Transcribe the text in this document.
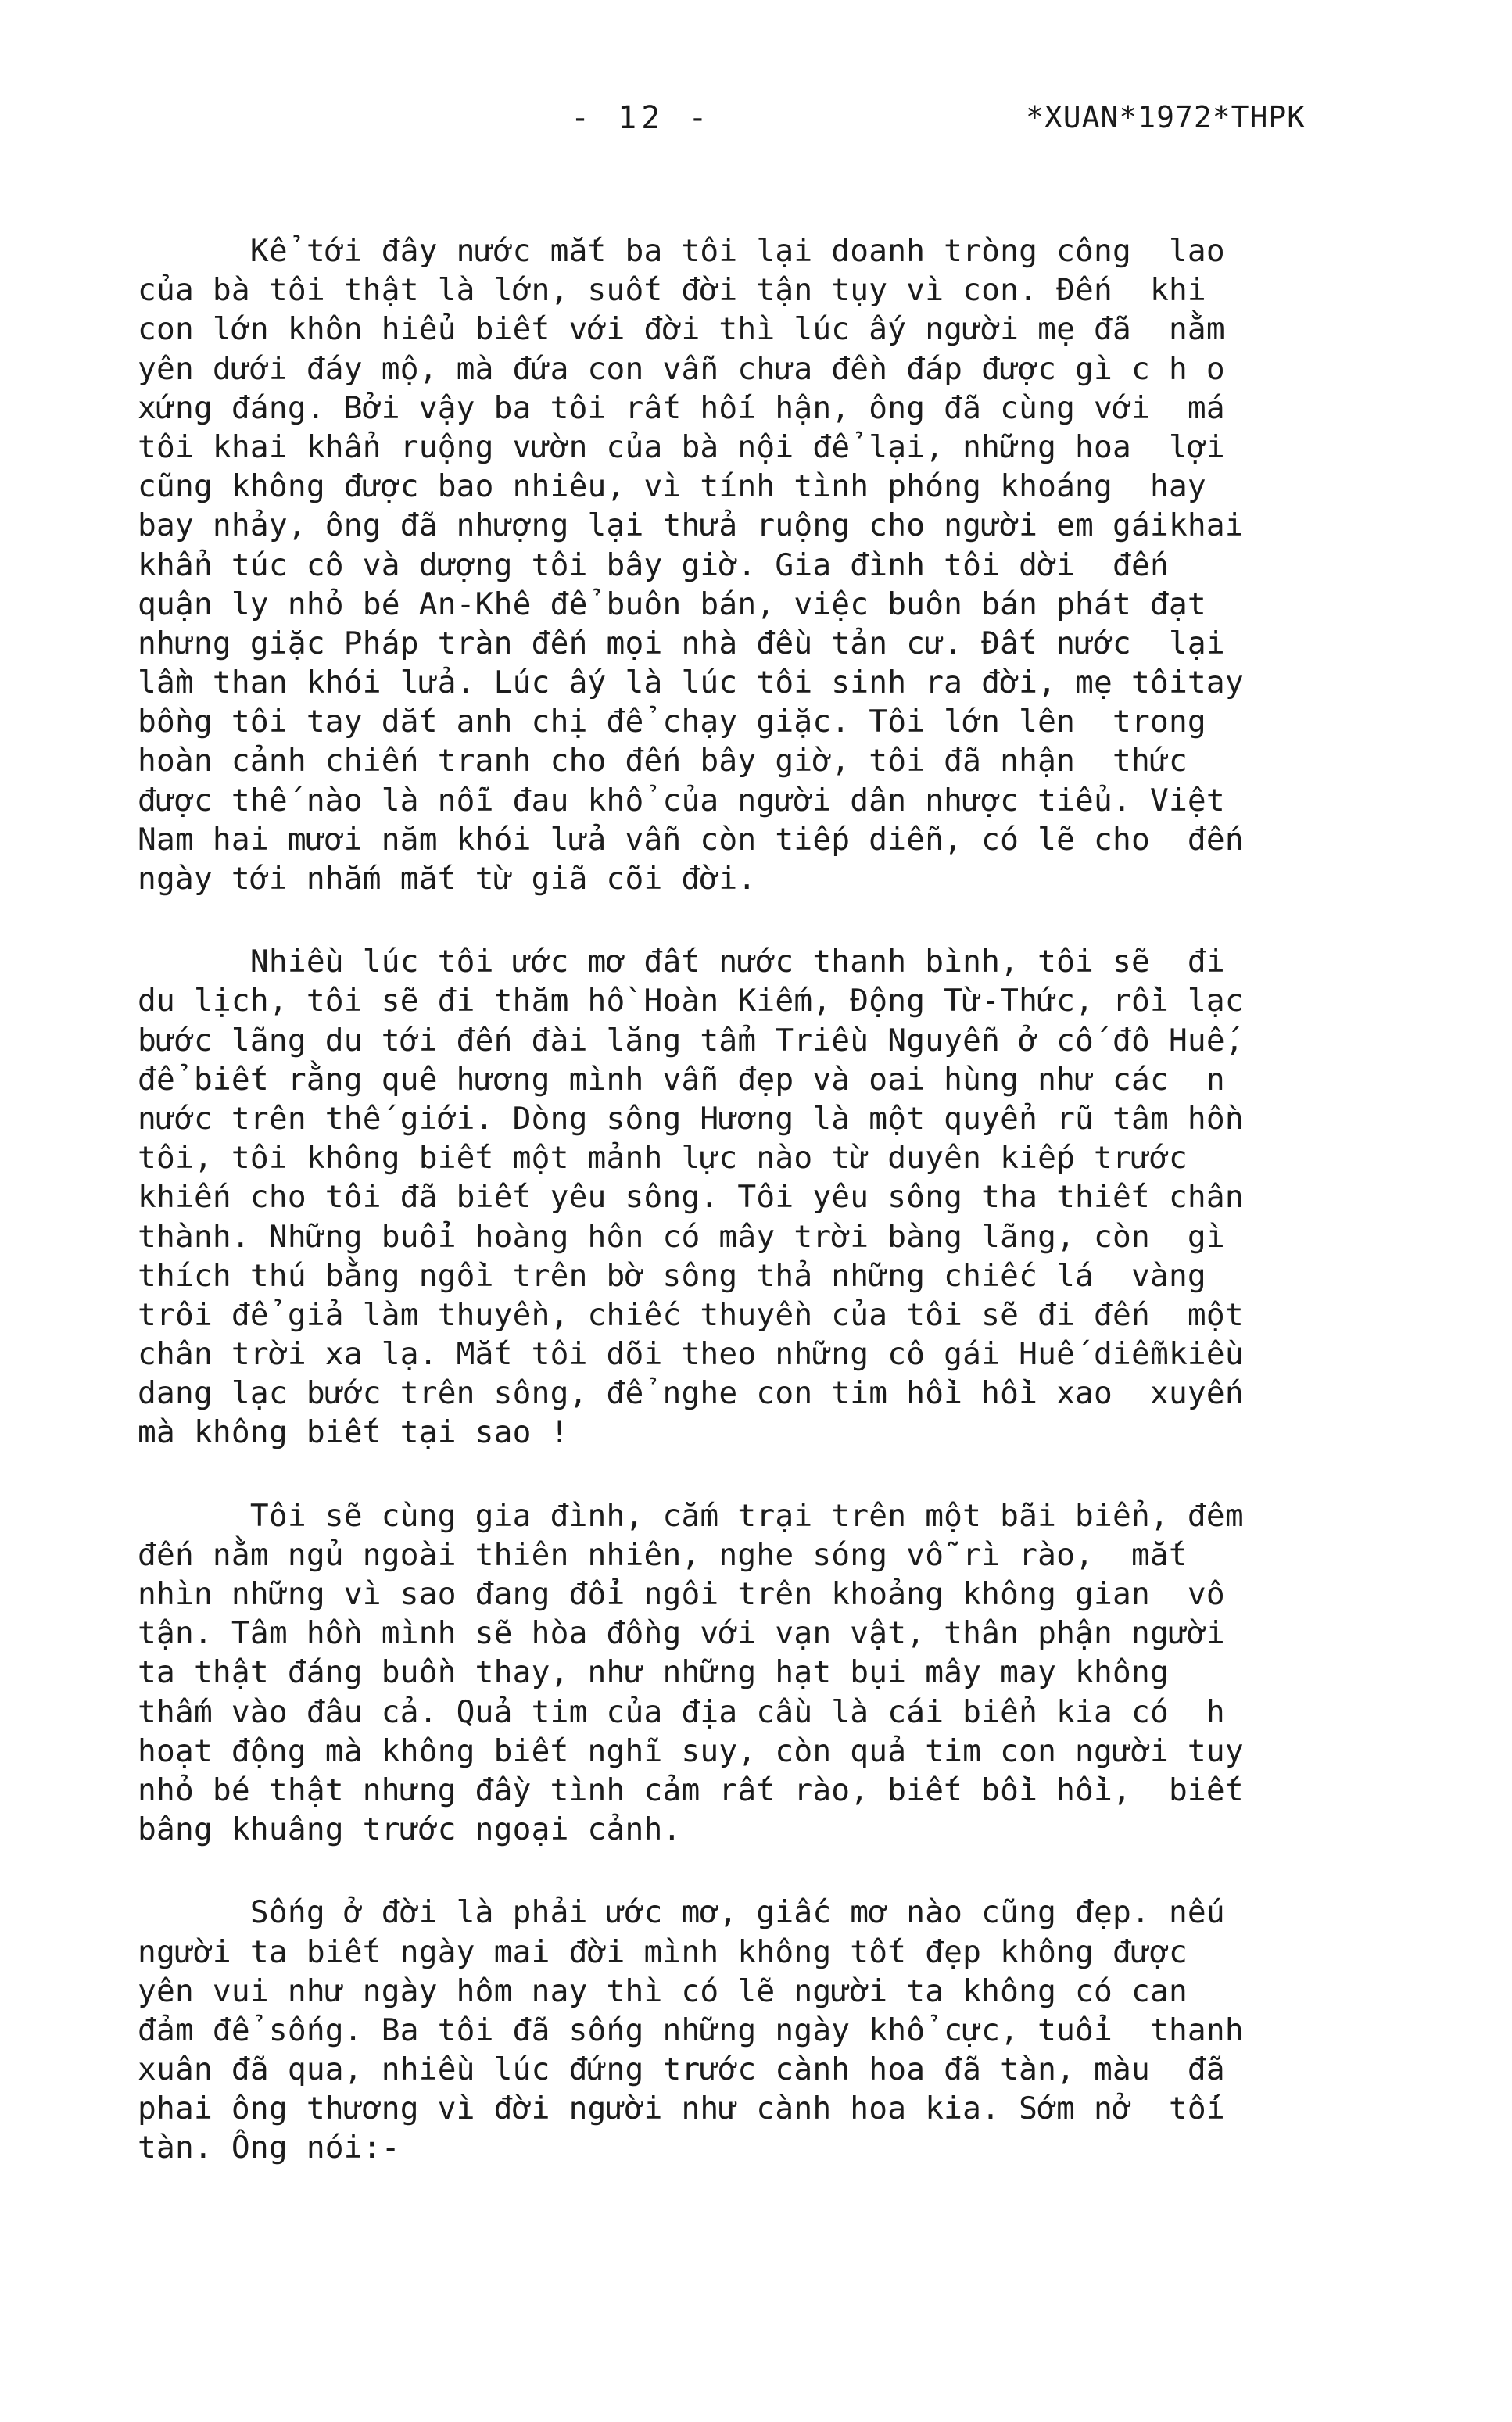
- 12 -	*XUAN*1972*THPK
Kể tới đây nước mắt ba tôi lại doanh tròng công  lao
của bà tôi thật là lớn, suốt đời tận tụy vì con. Đến  khi
con lớn khôn hiểu biết với đời thì lúc ấy người mẹ đã  nằm
yên dưới đáy mộ, mà đứa con vẫn chưa đền đáp được gì c h o
xứng đáng. Bởi vậy ba tôi rất hối hận, ông đã cùng với  má
tôi khai khẩn ruộng vườn của bà nội để lại, những hoa  lợi
cũng không được bao nhiêu, vì tính tình phóng khoáng  hay
bay nhảy, ông đã nhượng lại thửa ruộng cho người em gáikhai
khẩn túc cô và dượng tôi bây giờ. Gia đình tôi dời  đến
quận ly nhỏ bé An-Khê để buôn bán, việc buôn bán phát đạt
nhưng giặc Pháp tràn đến mọi nhà đều tản cư. Đất nước  lại
lầm than khói lửa. Lúc ấy là lúc tôi sinh ra đời, mẹ tôitay
bồng tôi tay dắt anh chị để chạy giặc. Tôi lớn lên  trong
hoàn cảnh chiến tranh cho đến bây giờ, tôi đã nhận  thức
được thế nào là nỗi đau khổ của người dân nhược tiểu. Việt
Nam hai mươi năm khói lửa vẫn còn tiếp diễn, có lẽ cho  đến
ngày tới nhắm mắt từ giã cõi đời.
Nhiều lúc tôi ước mơ đất nước thanh bình, tôi sẽ  đi
du lịch, tôi sẽ đi thăm hồ Hoàn Kiếm, Động Từ-Thức, rồi lạc
bước lãng du tới đến đài lăng tẩm Triều Nguyễn ở cố đô Huế,
để biết rằng quê hương mình vẫn đẹp và oai hùng như các  n
nước trên thế giới. Dòng sông Hương là một quyển rũ tâm hồn
tôi, tôi không biết một mảnh lực nào từ duyên kiếp trước
khiến cho tôi đã biết yêu sông. Tôi yêu sông tha thiết chân
thành. Những buổi hoàng hôn có mây trời bàng lãng, còn  gì
thích thú bằng ngồi trên bờ sông thả những chiếc lá  vàng
trôi để giả làm thuyền, chiếc thuyền của tôi sẽ đi đến  một
chân trời xa lạ. Mắt tôi dõi theo những cô gái Huế diễmkiều
dang lạc bước trên sông, để nghe con tim hồi hồi xao  xuyến
mà không biết tại sao !
Tôi sẽ cùng gia đình, cắm trại trên một bãi biển, đêm
đến nằm ngủ ngoài thiên nhiên, nghe sóng vỗ rì rào,  mắt
nhìn những vì sao đang đổi ngôi trên khoảng không gian  vô
tận. Tâm hồn mình sẽ hòa đồng với vạn vật, thân phận người
ta thật đáng buồn thay, như những hạt bụi mây may không
thấm vào đâu cả. Quả tim của địa cầu là cái biển kia có  h
hoạt động mà không biết nghĩ suy, còn quả tim con người tuy
nhỏ bé thật nhưng đầy tình cảm rất rào, biết bồi hồi,  biết
bâng khuâng trước ngoại cảnh.
Sống ở đời là phải ước mơ, giấc mơ nào cũng đẹp. nếu
người ta biết ngày mai đời mình không tốt đẹp không được
yên vui như ngày hôm nay thì có lẽ người ta không có can
đảm để sống. Ba tôi đã sống những ngày khổ cực, tuổi  thanh
xuân đã qua, nhiều lúc đứng trước cành hoa đã tàn, màu  đã
phai ông thương vì đời người như cành hoa kia. Sớm nở  tối
tàn. Ông nói:-
